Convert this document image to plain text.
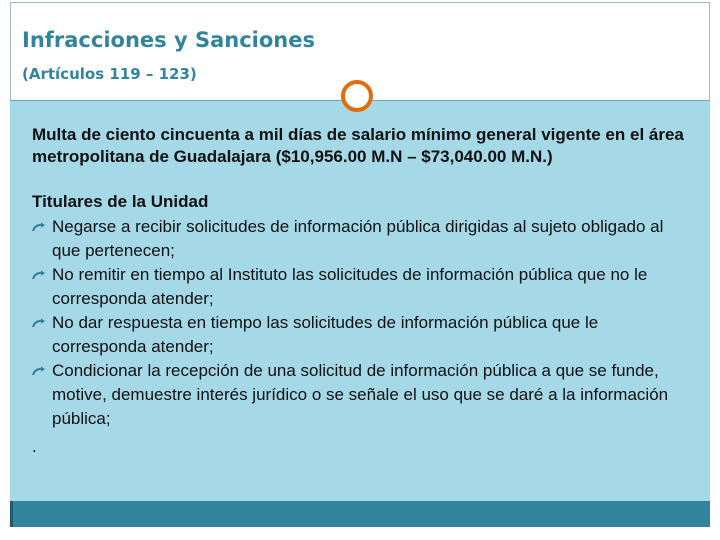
Infracciones y Sanciones
(Artículos 119 – 123)

Multa de ciento cincuenta a mil días de salario mínimo general vigente en el área metropolitana de Guadalajara ($10,956.00 M.N – $73,040.00 M.N.)

Titulares de la Unidad

Negarse a recibir solicitudes de información pública dirigidas al sujeto obligado al que pertenecen;
No remitir en tiempo al Instituto las solicitudes de información pública que no le corresponda atender;
No dar respuesta en tiempo las solicitudes de información pública que le corresponda atender;
Condicionar la recepción de una solicitud de información pública a que se funde, motive, demuestre interés jurídico o se señale el uso que se daré a la información pública;

.
